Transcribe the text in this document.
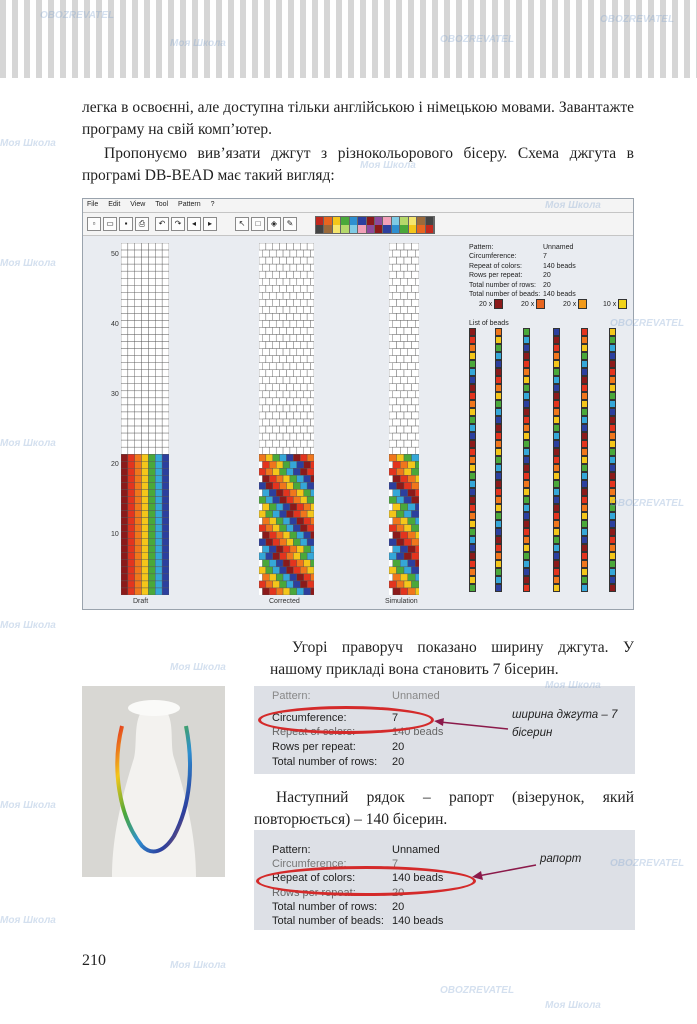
легка в освоєнні, але доступна тільки англійською і німецькою мовами. Завантажте програму на свій комп’ютер.

Пропонуємо вив’язати джгут з різнокольорового бісеру. Схема джгута в програмі DB-BEAD має такий вигляд:

File Edit View Tool Pattern ?
▫	▭	▪	⎙	↶	↷	◂	▸	↖	□	◈	✎
50
40
30
20
10
Draft	Corrected	Simulation
Pattern:	Unnamed
Circumference:	7
Repeat of colors:	140 beads
Rows per repeat:	20
Total number of rows:	20
Total number of beads: 140 beads
20 x	20 x	20 x	10 x
List of beads

Угорі праворуч показано ширину джгута. У нашому прикладі вона становить 7 бісерин.

Pattern:	Unnamed
Circumference:	7
Repeat of colors:	140 beads
Rows per repeat:	20
Total number of rows: 20
ширина джгута – 7 бісерин

Наступний рядок – рапорт (візерунок, який повторюється) – 140 бісерин.

Pattern:	Unnamed
Circumference:	7
Repeat of colors:	140 beads
Rows per repeat:	20
Total number of rows: 20
Total number of beads: 140 beads
рапорт
210
OBOZREVATEL
Моя Школа	OBOZREVATEL
OBOZREVATEL
Моя Школа
Моя Школа
Моя Школа
Моя Школа
OBOZREVATEL
Моя Школа
OBOZREVATEL
Моя Школа
Моя Школа
Моя Школа
Моя Школа
OBOZREVATEL
Моя Школа
Моя Школа
OBOZREVATEL
Моя Школа
